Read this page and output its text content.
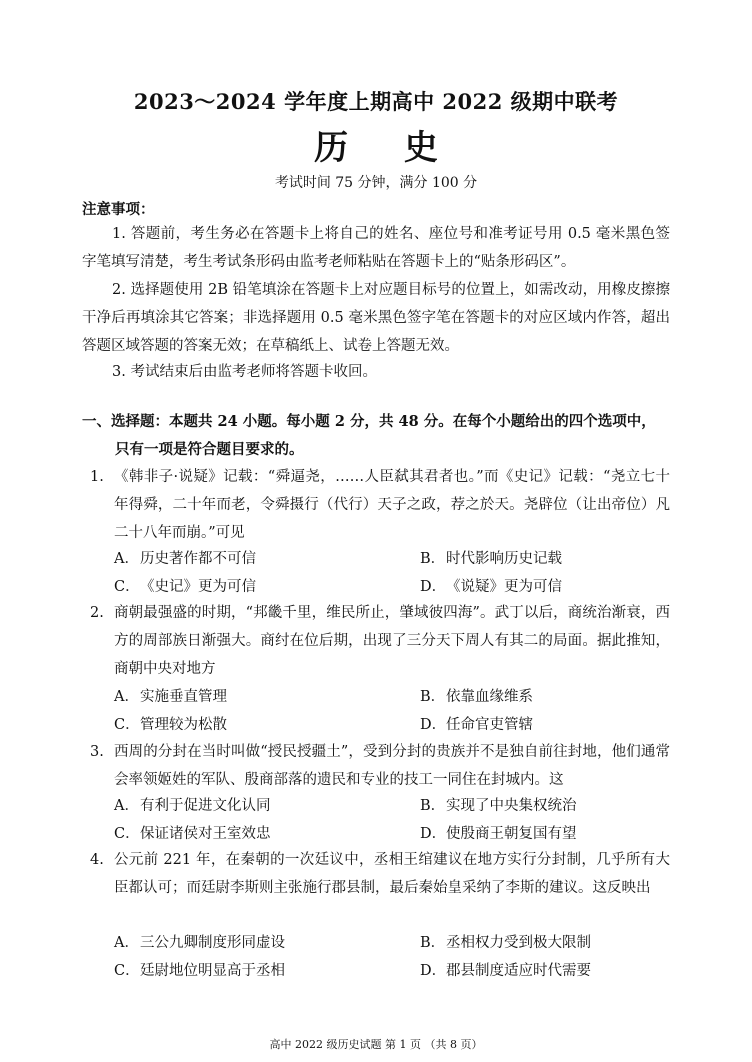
2023～2024 学年度上期高中 2022 级期中联考
历 史
考试时间 75 分钟，满分 100 分
注意事项：
1. 答题前，考生务必在答题卡上将自己的姓名、座位号和准考证号用 0.5 毫米黑色签字笔填写清楚，考生考试条形码由监考老师粘贴在答题卡上的“贴条形码区”。
2. 选择题使用 2B 铅笔填涂在答题卡上对应题目标号的位置上，如需改动，用橡皮擦擦干净后再填涂其它答案；非选择题用 0.5 毫米黑色签字笔在答题卡的对应区域内作答，超出答题区域答题的答案无效；在草稿纸上、试卷上答题无效。
3. 考试结束后由监考老师将答题卡收回。
一、选择题：本题共 24 小题。每小题 2 分，共 48 分。在每个小题给出的四个选项中，
只有一项是符合题目要求的。
1. 《韩非子·说疑》记载：“舜逼尧，……人臣弑其君者也。”而《史记》记载：“尧立七十年得舜，二十年而老，令舜摄行（代行）天子之政，荐之於天。尧辟位（让出帝位）凡二十八年而崩。”可见
A．历史著作都不可信	B．时代影响历史记载
C．《史记》更为可信	D．《说疑》更为可信
2. 商朝最强盛的时期，“邦畿千里，维民所止，肇域彼四海”。武丁以后，商统治渐衰，西方的周部族日渐强大。商纣在位后期，出现了三分天下周人有其二的局面。据此推知，商朝中央对地方
A．实施垂直管理	B．依靠血缘维系
C．管理较为松散	D．任命官吏管辖
3. 西周的分封在当时叫做“授民授疆土”，受到分封的贵族并不是独自前往封地，他们通常会率领姬姓的军队、殷商部落的遗民和专业的技工一同住在封城内。这
A．有利于促进文化认同	B．实现了中央集权统治
C．保证诸侯对王室效忠	D．使殷商王朝复国有望
4. 公元前 221 年，在秦朝的一次廷议中，丞相王绾建议在地方实行分封制，几乎所有大臣都认可；而廷尉李斯则主张施行郡县制，最后秦始皇采纳了李斯的建议。这反映出
A．三公九卿制度形同虚设	B．丞相权力受到极大限制
C．廷尉地位明显高于丞相	D．郡县制度适应时代需要
高中 2022 级历史试题 第 1 页 （共 8 页）
